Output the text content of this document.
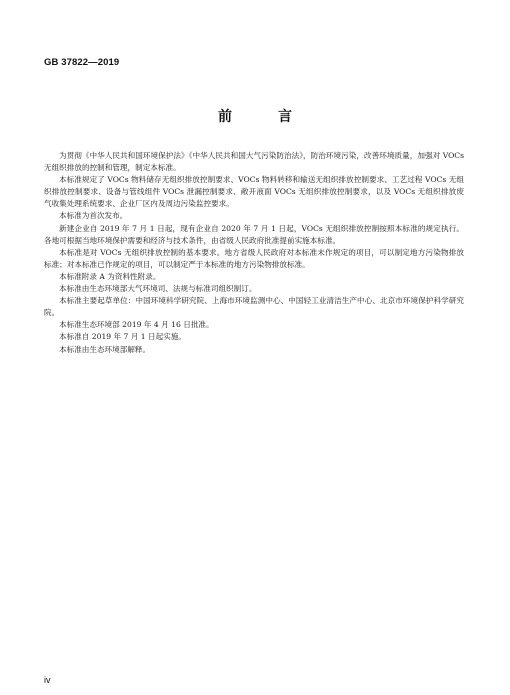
GB 37822—2019
前　言

为贯彻《中华人民共和国环境保护法》《中华人民共和国大气污染防治法》，防治环境污染，改善环境质量，加强对 VOCs 无组织排放的控制和管理，制定本标准。

本标准规定了 VOCs 物料储存无组织排放控制要求、VOCs 物料转移和输送无组织排放控制要求、工艺过程 VOCs 无组织排放控制要求、设备与管线组件 VOCs 泄漏控制要求、敞开液面 VOCs 无组织排放控制要求，以及 VOCs 无组织排放废气收集处理系统要求、企业厂区内及周边污染监控要求。

本标准为首次发布。

新建企业自 2019 年 7 月 1 日起，现有企业自 2020 年 7 月 1 日起，VOCs 无组织排放控制按照本标准的规定执行。各地可根据当地环境保护需要和经济与技术条件，由省级人民政府批准提前实施本标准。

本标准是对 VOCs 无组织排放控制的基本要求。地方省级人民政府对本标准未作规定的项目，可以制定地方污染物排放标准；对本标准已作规定的项目，可以制定严于本标准的地方污染物排放标准。

本标准附录 A 为资料性附录。

本标准由生态环境部大气环境司、法规与标准司组织制订。

本标准主要起草单位：中国环境科学研究院、上海市环境监测中心、中国轻工业清洁生产中心、北京市环境保护科学研究院。

本标准生态环境部 2019 年 4 月 16 日批准。

本标准自 2019 年 7 月 1 日起实施。

本标准由生态环境部解释。

iv
